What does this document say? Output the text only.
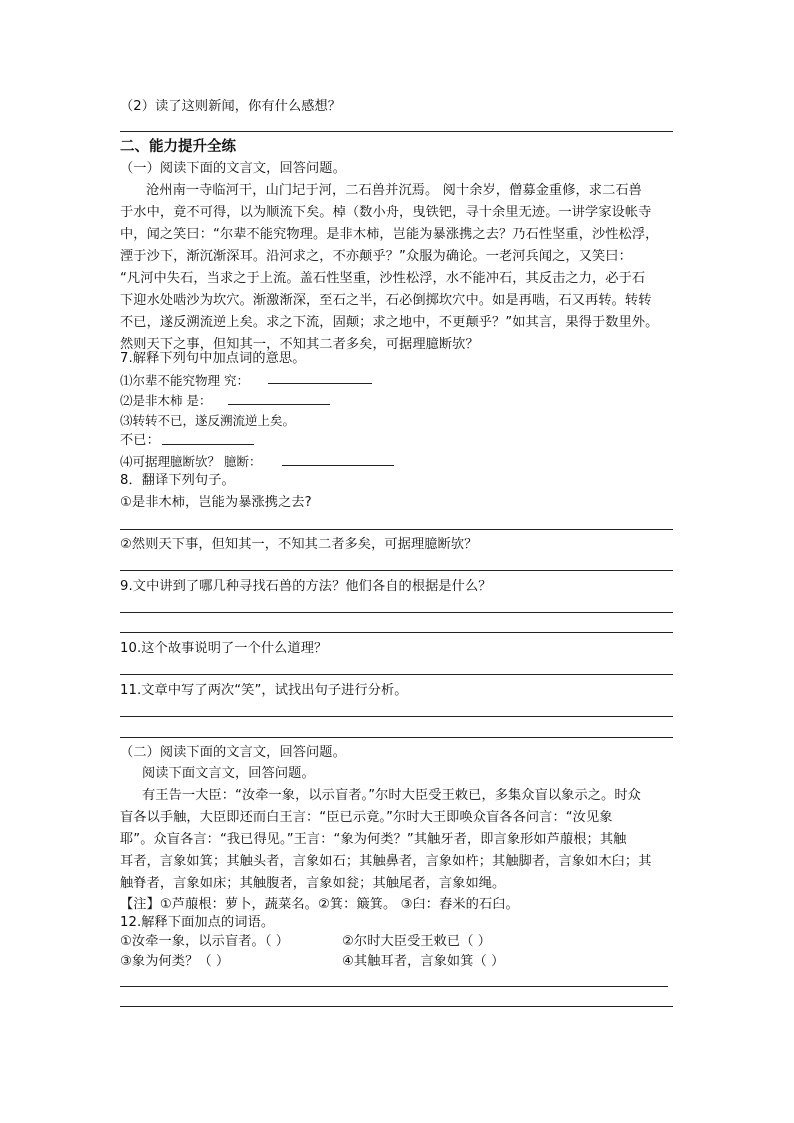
（2）读了这则新闻，你有什么感想？
二、能力提升全练
（一）阅读下面的文言文，回答问题。
沧州南一寺临河干，山门圮于河，二石兽并沉焉。 阅十余岁，僧募金重修，求二石兽
于水中，竟不可得，以为顺流下矣。棹（数小舟，曳铁钯，寻十余里无迹。一讲学家设帐寺
中，闻之笑曰：“尔辈不能究物理。是非木柿，岂能为暴涨携之去？乃石性坚重，沙性松浮，
湮于沙下，渐沉渐深耳。沿河求之，不亦颠乎？”众服为确论。一老河兵闻之，又笑曰：
“凡河中失石，当求之于上流。盖石性坚重，沙性松浮，水不能冲石，其反击之力，必于石
下迎水处啮沙为坎穴。渐激渐深，至石之半，石必倒掷坎穴中。如是再啮，石又再转。转转
不已，遂反溯流逆上矣。求之下流，固颠；求之地中，不更颠乎？”如其言，果得于数里外。
然则天下之事，但知其一，不知其二者多矣，可据理臆断欤？
7.解释下列句中加点词的意思。
⑴尔辈不能究物理 究：
⑵是非木柿 是：
⑶转转不已，遂反溯流逆上矣。
不已：
⑷可据理臆断欤？ 臆断：
8．翻译下列句子。
①是非木柿，岂能为暴涨携之去?
②然则天下事，但知其一，不知其二者多矣，可据理臆断欤？
9.文中讲到了哪几种寻找石兽的方法？他们各自的根据是什么？
10.这个故事说明了一个什么道理？
11.文章中写了两次“笑”，试找出句子进行分析。
（二）阅读下面的文言文，回答问题。
阅读下面文言文，回答问题。
有王告一大臣：“汝牵一象，以示盲者。”尔时大臣受王敕已，多集众盲以象示之。时众
盲各以手触，大臣即还而白王言：“臣已示竟。”尔时大王即唤众盲各各问言：“汝见象
耶”。众盲各言：“我已得见。”王言：“象为何类？”其触牙者，即言象形如芦菔根；其触
耳者，言象如箕；其触头者，言象如石；其触鼻者，言象如杵；其触脚者，言象如木臼；其
触脊者，言象如床；其触腹者，言象如瓮；其触尾者，言象如绳。
【注】①芦菔根：萝卜，蔬菜名。②箕：簸箕。 ③臼：舂米的石臼。
12.解释下面加点的词语。
①汝牵一象，以示盲者。（ ）	②尔时大臣受王敕已（ ）
③象为何类？（ ）	④其触耳者，言象如箕（ ）
